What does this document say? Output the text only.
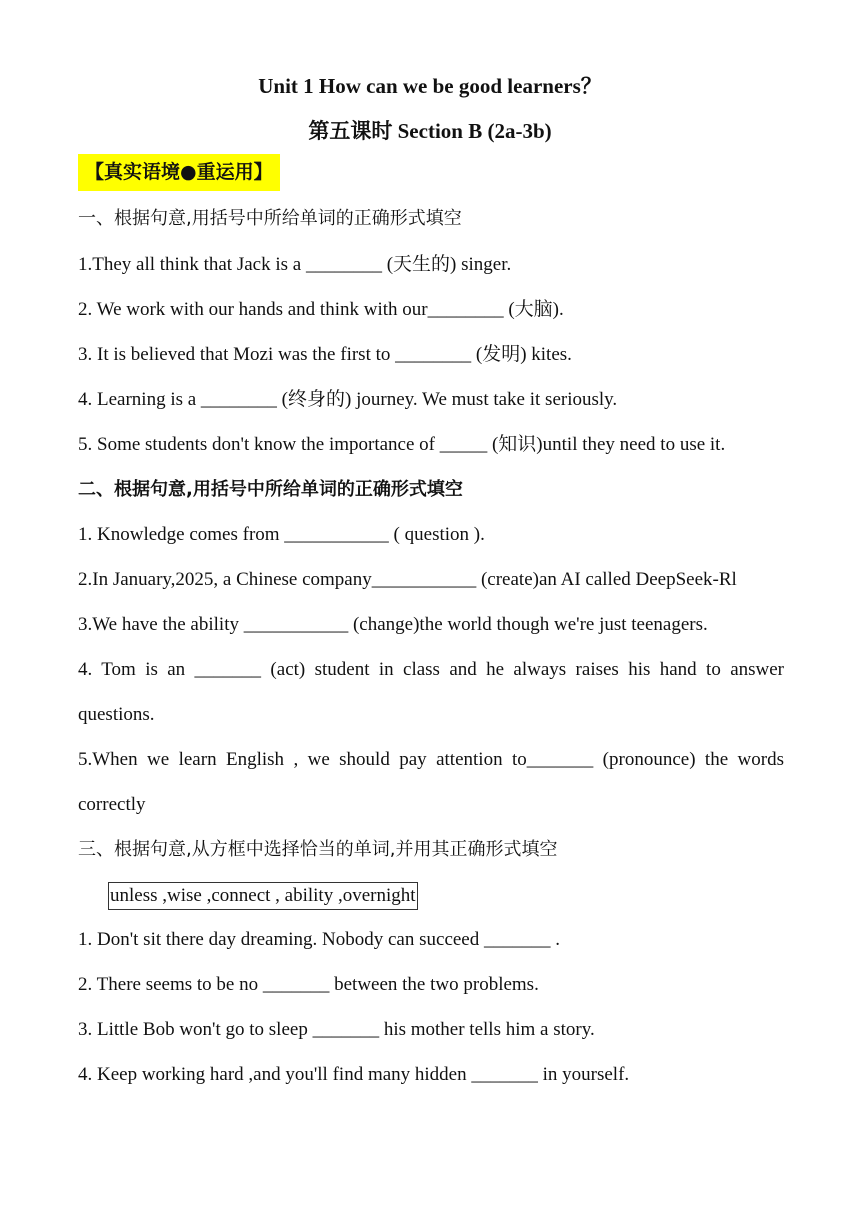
Unit 1 How can we be good learners？
第五课时 Section B (2a-3b)
【真实语境●重运用】
一、根据句意,用括号中所给单词的正确形式填空
1.They all think that Jack is a ________ (天生的) singer.
2. We work with our hands and think with our________ (大脑).
3. It is believed that Mozi was the first to ________ (发明) kites.
4. Learning is a ________ (终身的) journey. We must take it seriously.
5. Some students don't know the importance of _____ (知识)until they need to use it.
二、根据句意,用括号中所给单词的正确形式填空
1. Knowledge comes from ___________ ( question ).
2.In January,2025, a Chinese company___________ (create)an AI called DeepSeek-Rl
3.We have the ability ___________ (change)the world though we're just teenagers.
4. Tom is an _______ (act) student in class and he always raises his hand to answer
questions.
5.When we learn English , we should pay attention to_______ (pronounce) the words
correctly
三、根据句意,从方框中选择恰当的单词,并用其正确形式填空
unless ,wise ,connect , ability ,overnight
1. Don't sit there day dreaming. Nobody can succeed _______ .
2. There seems to be no _______ between the two problems.
3. Little Bob won't go to sleep _______ his mother tells him a story.
4. Keep working hard ,and you'll find many hidden _______ in yourself.
